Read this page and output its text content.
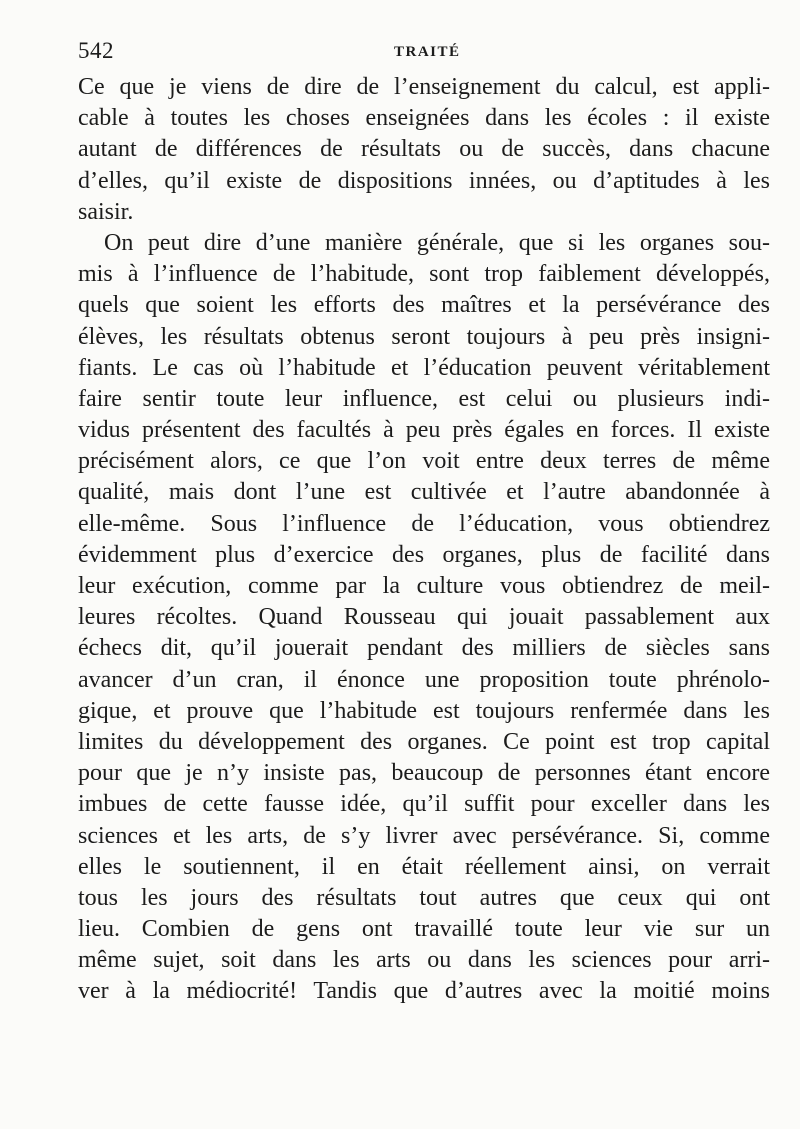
542	TRAITÉ
Ce que je viens de dire de l’enseignement du calcul, est appli-
cable à toutes les choses enseignées dans les écoles : il existe
autant de différences de résultats ou de succès, dans chacune
d’elles, qu’il existe de dispositions innées, ou d’aptitudes à les
saisir.
On peut dire d’une manière générale, que si les organes sou-
mis à l’influence de l’habitude, sont trop faiblement développés,
quels que soient les efforts des maîtres et la persévérance des
élèves, les résultats obtenus seront toujours à peu près insigni-
fiants. Le cas où l’habitude et l’éducation peuvent véritablement
faire sentir toute leur influence, est celui ou plusieurs indi-
vidus présentent des facultés à peu près égales en forces. Il existe
précisément alors, ce que l’on voit entre deux terres de même
qualité, mais dont l’une est cultivée et l’autre abandonnée à
elle-même. Sous l’influence de l’éducation, vous obtiendrez
évidemment plus d’exercice des organes, plus de facilité dans
leur exécution, comme par la culture vous obtiendrez de meil-
leures récoltes. Quand Rousseau qui jouait passablement aux
échecs dit, qu’il jouerait pendant des milliers de siècles sans
avancer d’un cran, il énonce une proposition toute phrénolo-
gique, et prouve que l’habitude est toujours renfermée dans les
limites du développement des organes. Ce point est trop capital
pour que je n’y insiste pas, beaucoup de personnes étant encore
imbues de cette fausse idée, qu’il suffit pour exceller dans les
sciences et les arts, de s’y livrer avec persévérance. Si, comme
elles le soutiennent, il en était réellement ainsi, on verrait
tous les jours des résultats tout autres que ceux qui ont
lieu. Combien de gens ont travaillé toute leur vie sur un
même sujet, soit dans les arts ou dans les sciences pour arri-
ver à la médiocrité! Tandis que d’autres avec la moitié moins
